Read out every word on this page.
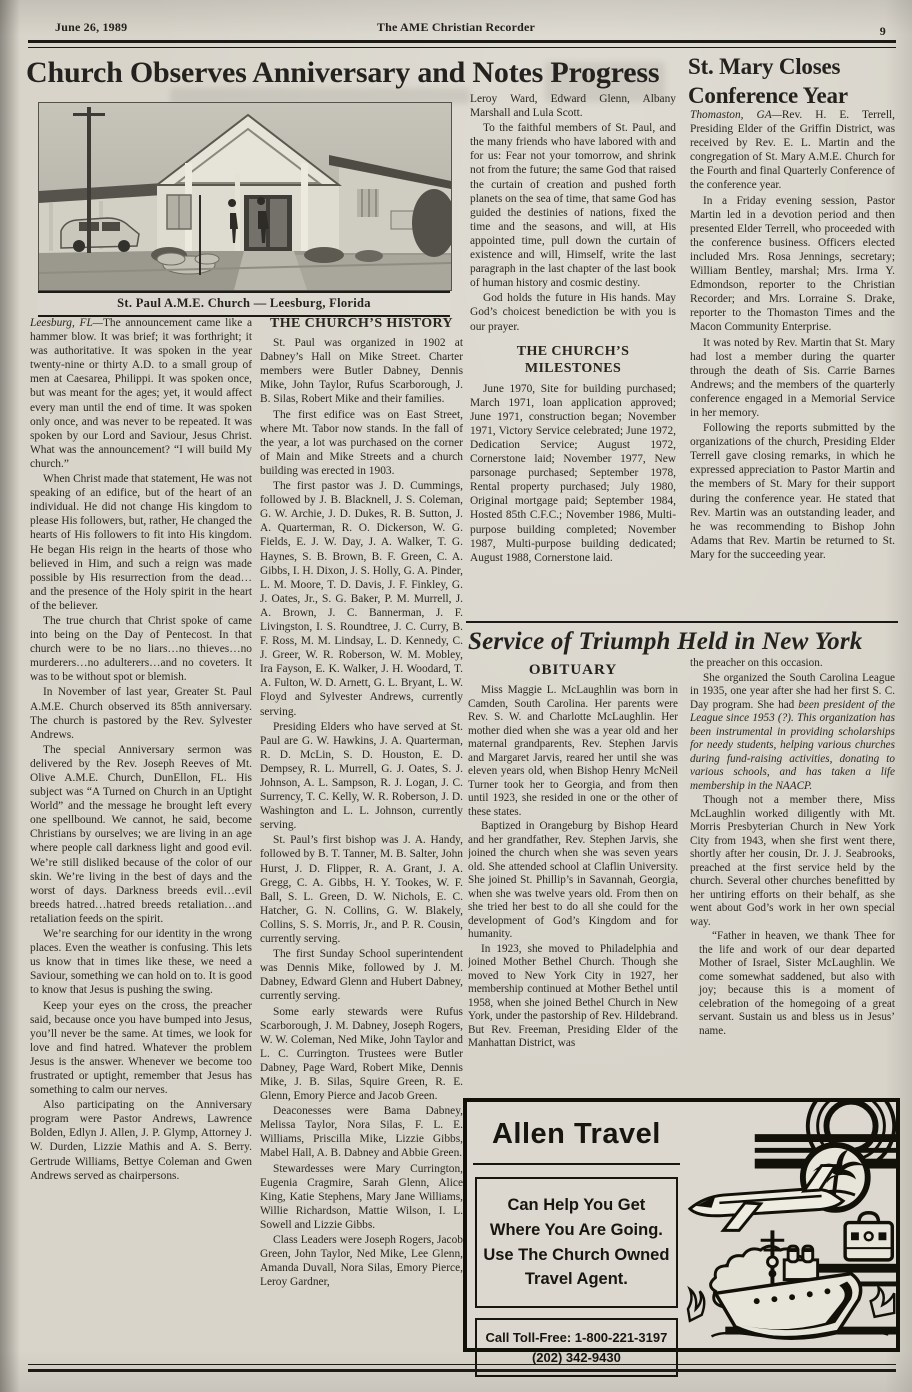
June 26, 1989	The AME Christian Recorder	9
Church Observes Anniversary and Notes Progress St. Mary Closes
Conference Year
St. Paul A.M.E. Church — Leesburg, Florida

Leesburg, FL—The announcement came like a hammer blow. It was brief; it was forthright; it was authoritative. It was spoken in the year twenty-nine or thirty A.D. to a small group of men at Caesarea, Philippi. It was spoken once, but was meant for the ages; yet, it would affect every man until the end of time. It was spoken only once, and was never to be repeated. It was spoken by our Lord and Saviour, Jesus Christ. What was the announcement? “I will build My church.”

When Christ made that statement, He was not speaking of an edifice, but of the heart of an individual. He did not change His kingdom to please His followers, but, rather, He changed the hearts of His followers to fit into His kingdom. He began His reign in the hearts of those who believed in Him, and such a reign was made possible by His resurrection from the dead… and the presence of the Holy spirit in the heart of the believer.

The true church that Christ spoke of came into being on the Day of Pentecost. In that church were to be no liars…no thieves…no murderers…no adulterers…and no coveters. It was to be without spot or blemish.

In November of last year, Greater St. Paul A.M.E. Church observed its 85th anniversary. The church is pastored by the Rev. Sylvester Andrews.

The special Anniversary sermon was delivered by the Rev. Joseph Reeves of Mt. Olive A.M.E. Church, DunEllon, FL. His subject was “A Turned on Church in an Uptight World” and the message he brought left every one spellbound. We cannot, he said, become Christians by ourselves; we are living in an age where people call darkness light and good evil. We’re still disliked because of the color of our skin. We’re living in the best of days and the worst of days. Darkness breeds evil…evil breeds hatred…hatred breeds retaliation…and retaliation feeds on the spirit.

We’re searching for our identity in the wrong places. Even the weather is confusing. This lets us know that in times like these, we need a Saviour, something we can hold on to. It is good to know that Jesus is pushing the swing.

Keep your eyes on the cross, the preacher said, because once you have bumped into Jesus, you’ll never be the same. At times, we look for love and find hatred. Whatever the problem Jesus is the answer. Whenever we become too frustrated or uptight, remember that Jesus has something to calm our nerves.

Also participating on the Anniversary program were Pastor Andrews, Lawrence Bolden, Edlyn J. Allen, J. P. Glymp, Attorney J. W. Durden, Lizzie Mathis and A. S. Berry. Gertrude Williams, Bettye Coleman and Gwen Andrews served as chairpersons.

THE CHURCH’S HISTORY

St. Paul was organized in 1902 at Dabney’s Hall on Mike Street. Charter members were Butler Dabney, Dennis Mike, John Taylor, Rufus Scarborough, J. B. Silas, Robert Mike and their families.

The first edifice was on East Street, where Mt. Tabor now stands. In the fall of the year, a lot was purchased on the corner of Main and Mike Streets and a church building was erected in 1903.

The first pastor was J. D. Cummings, followed by J. B. Blacknell, J. S. Coleman, G. W. Archie, J. D. Dukes, R. B. Sutton, J. A. Quarterman, R. O. Dickerson, W. G. Fields, E. J. W. Day, J. A. Walker, T. G. Haynes, S. B. Brown, B. F. Green, C. A. Gibbs, I. H. Dixon, J. S. Holly, G. A. Pinder, L. M. Moore, T. D. Davis, J. F. Finkley, G. J. Oates, Jr., S. G. Baker, P. M. Murrell, J. A. Brown, J. C. Bannerman, J. F. Livingston, I. S. Roundtree, J. C. Curry, B. F. Ross, M. M. Lindsay, L. D. Kennedy, C. J. Greer, W. R. Roberson, W. M. Mobley, Ira Fayson, E. K. Walker, J. H. Woodard, T. A. Fulton, W. D. Arnett, G. L. Bryant, L. W. Floyd and Sylvester Andrews, currently serving.

Presiding Elders who have served at St. Paul are G. W. Hawkins, J. A. Quarterman, R. D. McLin, S. D. Houston, E. D. Dempsey, R. L. Murrell, G. J. Oates, S. J. Johnson, A. L. Sampson, R. J. Logan, J. C. Surrency, T. C. Kelly, W. R. Roberson, J. D. Washington and L. L. Johnson, currently serving.

St. Paul’s first bishop was J. A. Handy, followed by B. T. Tanner, M. B. Salter, John Hurst, J. D. Flipper, R. A. Grant, J. A. Gregg, C. A. Gibbs, H. Y. Tookes, W. F. Ball, S. L. Green, D. W. Nichols, E. C. Hatcher, G. N. Collins, G. W. Blakely, Collins, S. S. Morris, Jr., and P. R. Cousin, currently serving.

The first Sunday School superintendent was Dennis Mike, followed by J. M. Dabney, Edward Glenn and Hubert Dabney, currently serving.

Some early stewards were Rufus Scarborough, J. M. Dabney, Joseph Rogers, W. W. Coleman, Ned Mike, John Taylor and L. C. Currington. Trustees were Butler Dabney, Page Ward, Robert Mike, Dennis Mike, J. B. Silas, Squire Green, R. E. Glenn, Emory Pierce and Jacob Green.

Deaconesses were Bama Dabney, Melissa Taylor, Nora Silas, F. L. E. Williams, Priscilla Mike, Lizzie Gibbs, Mabel Hall, A. B. Dabney and Abbie Green.

Stewardesses were Mary Currington, Eugenia Cragmire, Sarah Glenn, Alice King, Katie Stephens, Mary Jane Williams, Willie Richardson, Mattie Wilson, I. L. Sowell and Lizzie Gibbs.

Class Leaders were Joseph Rogers, Jacob Green, John Taylor, Ned Mike, Lee Glenn, Amanda Duvall, Nora Silas, Emory Pierce, Leroy Gardner,

Leroy Ward, Edward Glenn, Albany Marshall and Lula Scott.

To the faithful members of St. Paul, and the many friends who have labored with and for us: Fear not your tomorrow, and shrink not from the future; the same God that raised the curtain of creation and pushed forth planets on the sea of time, that same God has guided the destinies of nations, fixed the time and the seasons, and will, at His appointed time, pull down the curtain of existence and will, Himself, write the last paragraph in the last chapter of the last book of human history and cosmic destiny.

God holds the future in His hands. May God’s choicest benediction be with you is our prayer.

THE CHURCH’S
MILESTONES

June 1970, Site for building purchased; March 1971, loan application approved; June 1971, construction began; November 1971, Victory Service celebrated; June 1972, Dedication Service; August 1972, Cornerstone laid; November 1977, New parsonage purchased; September 1978, Rental property purchased; July 1980, Original mortgage paid; September 1984, Hosted 85th C.F.C.; November 1986, Multi-purpose building completed; November 1987, Multi-purpose building dedicated; August 1988, Cornerstone laid.

Thomaston, GA—Rev. H. E. Terrell, Presiding Elder of the Griffin District, was received by Rev. E. L. Martin and the congregation of St. Mary A.M.E. Church for the Fourth and final Quarterly Conference of the conference year.

In a Friday evening session, Pastor Martin led in a devotion period and then presented Elder Terrell, who proceeded with the conference business. Officers elected included Mrs. Rosa Jennings, secretary; William Bentley, marshal; Mrs. Irma Y. Edmondson, reporter to the Christian Recorder; and Mrs. Lorraine S. Drake, reporter to the Thomaston Times and the Macon Community Enterprise.

It was noted by Rev. Martin that St. Mary had lost a member during the quarter through the death of Sis. Carrie Barnes Andrews; and the members of the quarterly conference engaged in a Memorial Service in her memory.

Following the reports submitted by the organizations of the church, Presiding Elder Terrell gave closing remarks, in which he expressed appreciation to Pastor Martin and the members of St. Mary for their support during the conference year. He stated that Rev. Martin was an outstanding leader, and he was recommending to Bishop John Adams that Rev. Martin be returned to St. Mary for the succeeding year.

Service of Triumph Held in New York
OBITUARY

Miss Maggie L. McLaughlin was born in Camden, South Carolina. Her parents were Rev. S. W. and Charlotte McLaughlin. Her mother died when she was a year old and her maternal grandparents, Rev. Stephen Jarvis and Margaret Jarvis, reared her until she was eleven years old, when Bishop Henry McNeil Turner took her to Georgia, and from then until 1923, she resided in one or the other of these states.

Baptized in Orangeburg by Bishop Heard and her grandfather, Rev. Stephen Jarvis, she joined the church when she was seven years old. She attended school at Claflin University. She joined St. Phillip’s in Savannah, Georgia, when she was twelve years old. From then on she tried her best to do all she could for the development of God’s Kingdom and for humanity.

In 1923, she moved to Philadelphia and joined Mother Bethel Church. Though she moved to New York City in 1927, her membership continued at Mother Bethel until 1958, when she joined Bethel Church in New York, under the pastorship of Rev. Hildebrand. But Rev. Freeman, Presiding Elder of the Manhattan District, was

the preacher on this occasion.

She organized the South Carolina League in 1935, one year after she had her first S. C. Day program. She had been president of the League since 1953 (?). This organization has been instrumental in providing scholarships for needy students, helping various churches during fund-raising activities, donating to various schools, and has taken a life membership in the NAACP.

Though not a member there, Miss McLaughlin worked diligently with Mt. Morris Presbyterian Church in New York City from 1943, when she first went there, shortly after her cousin, Dr. J. J. Seabrooks, preached at the first service held by the church. Several other churches benefitted by her untiring efforts on their behalf, as she went about God’s work in her own special way.

“Father in heaven, we thank Thee for the life and work of our dear departed Mother of Israel, Sister McLaughlin. We come somewhat saddened, but also with joy; because this is a moment of celebration of the homegoing of a great servant. Sustain us and bless us in Jesus’ name.

Allen Travel
Can Help You Get
Where You Are Going.
Use The Church Owned
Travel Agent.
Call Toll-Free: 1-800-221-3197
(202) 342-9430
